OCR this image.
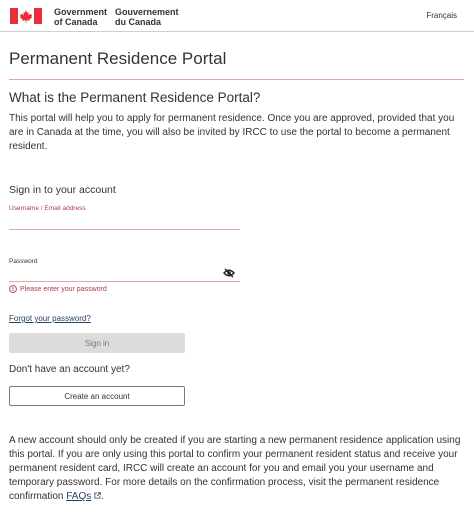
Government
of Canada
Gouvernement
du Canada
Français
Permanent Residence Portal
What is the Permanent Residence Portal?

This portal will help you to apply for permanent residence. Once you are approved, provided that you are in Canada at the time, you will also be invited by IRCC to use the portal to become a permanent resident.

Sign in to your account
Username / Email address
Password
Please enter your password
Forgot your password?
Sign in

Don't have an account yet?

Create an account

A new account should only be created if you are starting a new permanent residence application using this portal. If you are only using this portal to confirm your permanent resident status and receive your permanent resident card, IRCC will create an account for you and email you your username and temporary password. For more details on the confirmation process, visit the permanent residence confirmation FAQs .
